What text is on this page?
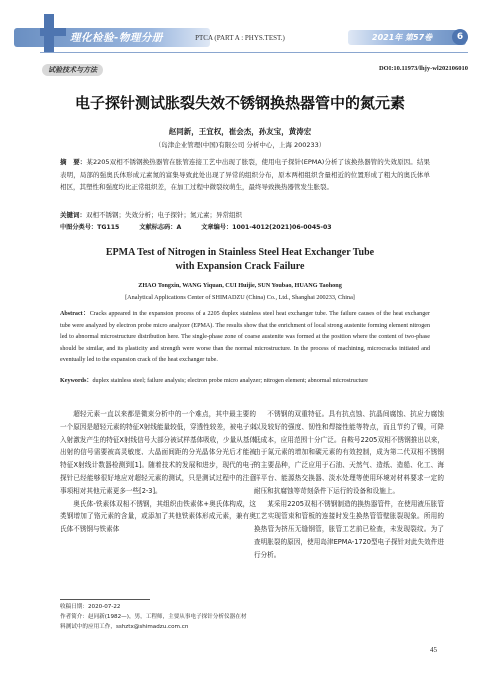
理化检验-物理分册	PTCA (PART A : PHYS.TEST.)	2021年 第57卷	6
试验技术与方法	DOI:10.11973/lhjy-wl202106010
电子探针测试胀裂失效不锈钢换热器管中的氮元素
赵同新，王宜权，崔会杰，孙友宝，黄涛宏
（岛津企业管理(中国)有限公司 分析中心，上海 200233）
摘　要：某2205双相不锈钢换热器管在胀管连接工艺中出现了胀裂，使用电子探针(EPMA)分析了该换热器管的失效原因。结果表明，局部的强奥氏体形成元素氮的富集导致此处出现了异常的组织分布，原本两相组织含量相近的位置形成了粗大的奥氏体单相区，其塑性和强度均比正常组织差，在加工过程中微裂纹萌生，最终导致换热器管发生胀裂。
关键词：双相不锈钢；失效分析；电子探针；氮元素；异常组织
中图分类号：TG115	文献标志码：A	文章编号：1001-4012(2021)06-0045-03
EPMA Test of Nitrogen in Stainless Steel Heat Exchanger Tube
with Expansion Crack Failure
ZHAO Tongxin, WANG Yiquan, CUI Huijie, SUN Youbao, HUANG Taohong
[Analytical Applications Center of SHIMADZU (China) Co., Ltd., Shanghai 200233, China]
Abstract：Cracks appeared in the expansion process of a 2205 duplex stainless steel heat exchanger tube. The failure causes of the heat exchanger tube were analyzed by electron probe micro analyzer (EPMA). The results show that the enrichment of local strong austenite forming element nitrogen led to abnormal microstructure distribution here. The single-phase zone of coarse austenite was formed at the position where the content of two-phase should be similar, and its plasticity and strength were worse than the normal microstructure. In the process of machining, microcracks initiated and eventually led to the expansion crack of the heat exchanger tube.
Keywords：duplex stainless steel; failure analysis; electron probe micro analyzer; nitrogen element; abnormal microstructure

超轻元素一直以来都是微束分析中的一个难点，其中最主要的一个原因是超轻元素的特征X射线能量较低，穿透性较差，被电子束入射激发产生的特征X射线信号大部分被试样基体吸收，少量从基体出射的信号需要被高灵敏度、大晶面间距的分光晶体分光后才能被特征X射线计数器检测到[1]。随着技术的发展和进步，现代的电子探针已经能够很好地应对超轻元素的测试，只是测试过程中的注意事项相对其他元素更多一些[2-3]。

奥氏体-铁素体双相不锈钢，其组织由铁素体+奥氏体构成，这类钢增加了铬元素的含量，或添加了其他铁素体形成元素，兼有奥氏体不锈钢与铁素体

不锈钢的双重特征。具有抗点蚀、抗晶间腐蚀、抗应力腐蚀以及较好的强度、韧性和焊接性能等特点，而且节约了镍，可降低成本，应用范围十分广泛。自鞍号2205双相不锈钢推出以来，由于氮元素的增加和碳元素的有效控制，成为第二代双相不锈钢的主要品种，广泛应用于石油、天然气、造纸、造船、化工、海洋平台、能源热交换器、淡水处理等使用环境对材料要求一定的耐压和抗腐蚀等苛刻条件下运行的设备和设施上。

某采用2205双相不锈钢制造的换热器管件，在使用液压胀管工艺实现管束和管板的连接时发生换热管管壁胀裂现象。所用的换热管为挤压无缝钢管，胀管工艺前已检查，未发现裂纹。为了查明胀裂的原因，使用岛津EPMA-1720型电子探针对此失效件进行分析。

收稿日期：2020-07-22

作者简介：赵同新(1982—)，男，工程师，主要从事电子探针分析仪器在材料测试中的应用工作，sshztx@shimadzu.com.cn

45
